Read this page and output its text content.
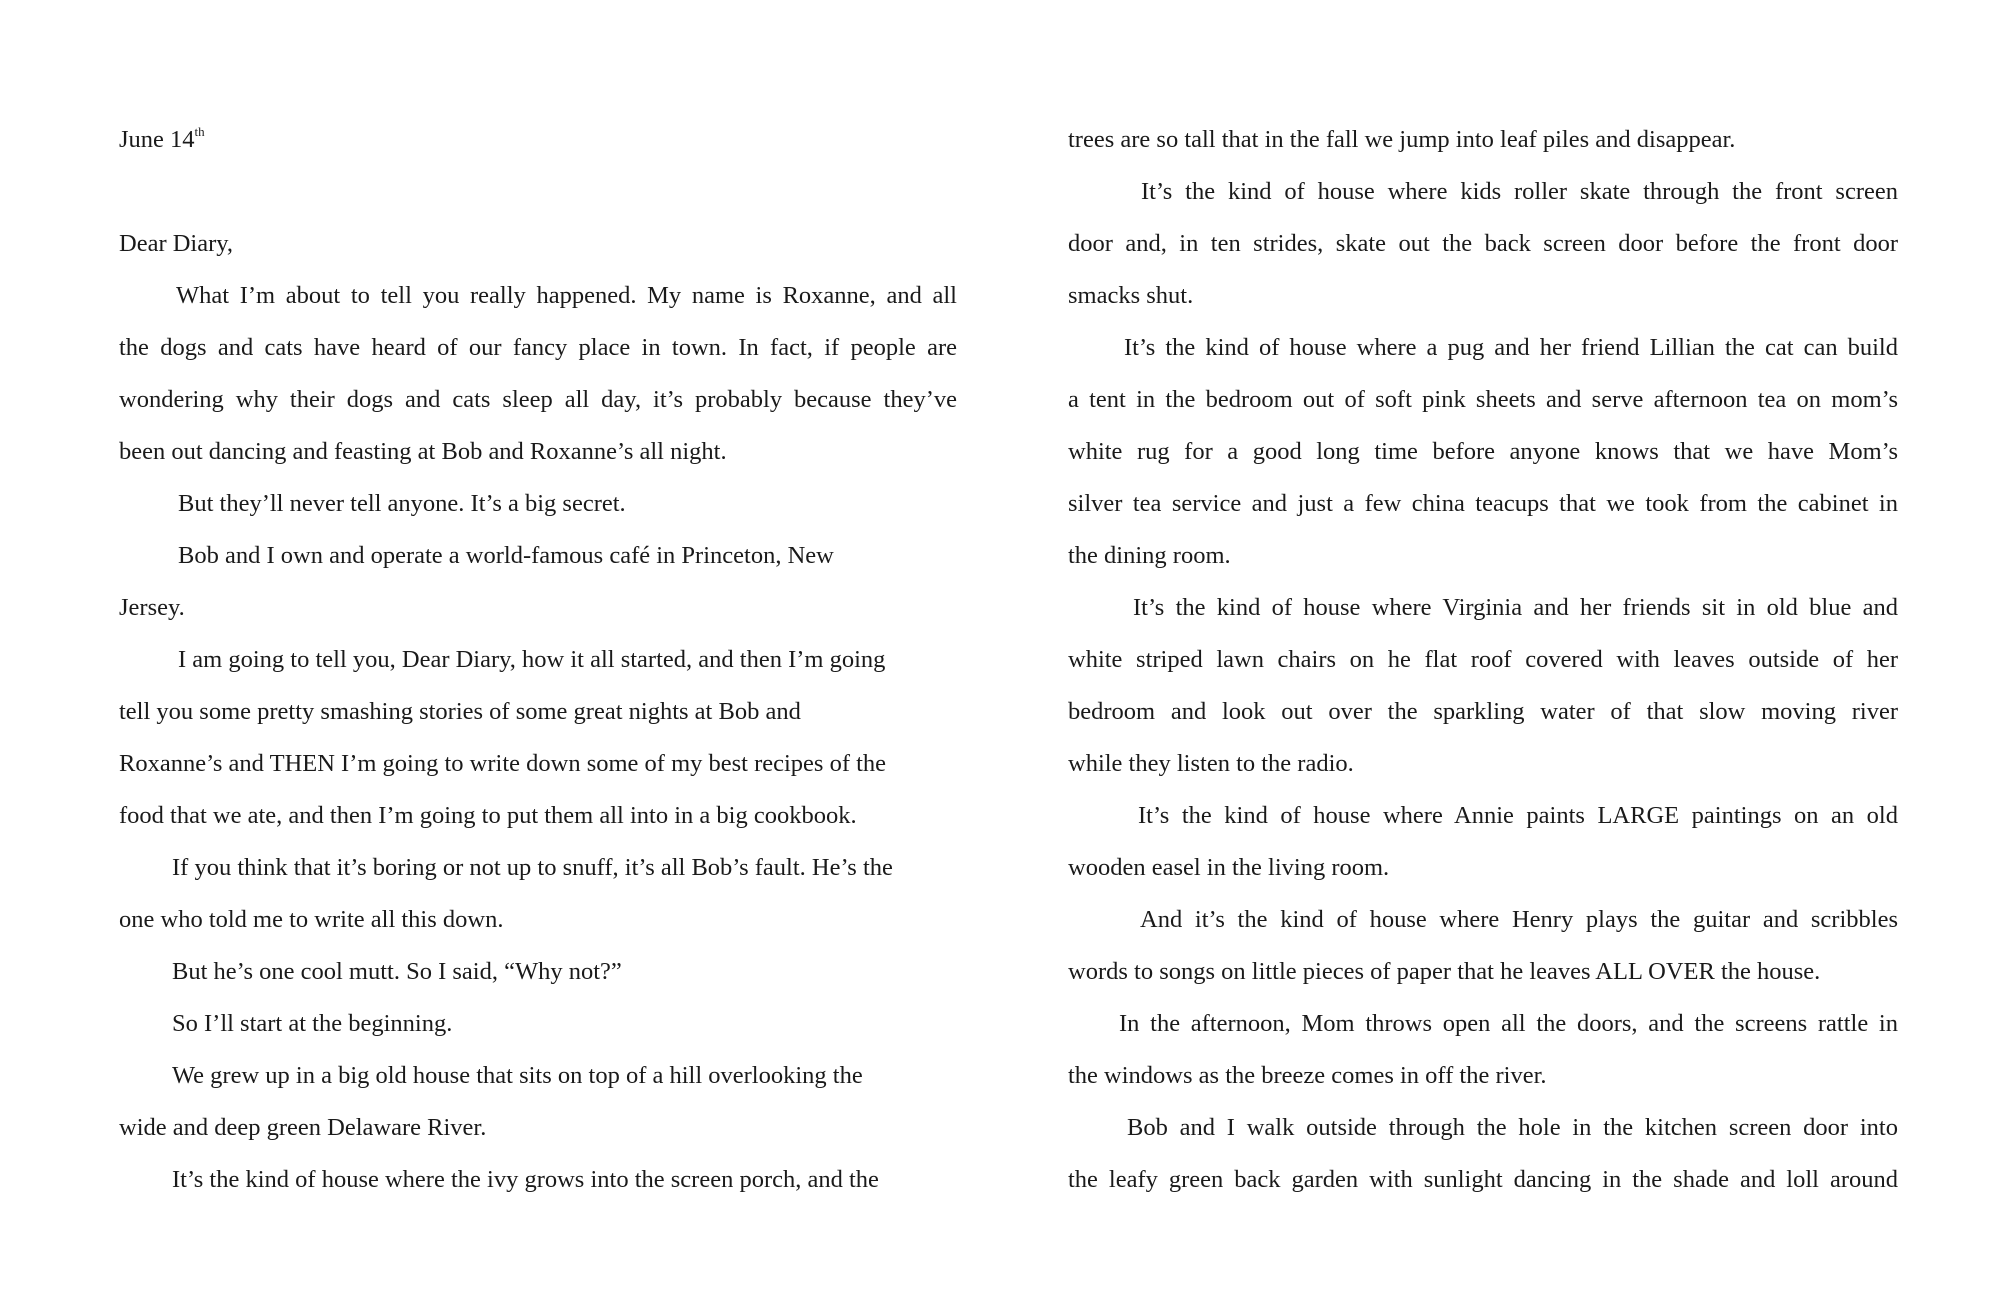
June 14th
Dear Diary,
What I’m about to tell you really happened. My name is Roxanne, and all
the dogs and cats have heard of our fancy place in town. In fact, if people are
wondering why their dogs and cats sleep all day, it’s probably because they’ve
been out dancing and feasting at Bob and Roxanne’s all night.
But they’ll never tell anyone. It’s a big secret.
Bob and I own and operate a world-famous café in Princeton, New
Jersey.
I am going to tell you, Dear Diary, how it all started, and then I’m going
tell you some pretty smashing stories of some great nights at Bob and
Roxanne’s and THEN I’m going to write down some of my best recipes of the
food that we ate, and then I’m going to put them all into in a big cookbook.
If you think that it’s boring or not up to snuff, it’s all Bob’s fault. He’s the
one who told me to write all this down.
But he’s one cool mutt. So I said, “Why not?”
So I’ll start at the beginning.
We grew up in a big old house that sits on top of a hill overlooking the
wide and deep green Delaware River.
It’s the kind of house where the ivy grows into the screen porch, and the
trees are so tall that in the fall we jump into leaf piles and disappear.
It’s the kind of house where kids roller skate through the front screen
door and, in ten strides, skate out the back screen door before the front door
smacks shut.
It’s the kind of house where a pug and her friend Lillian the cat can build
a tent in the bedroom out of soft pink sheets and serve afternoon tea on mom’s
white rug for a good long time before anyone knows that we have Mom’s
silver tea service and just a few china teacups that we took from the cabinet in
the dining room.
It’s the kind of house where Virginia and her friends sit in old blue and
white striped lawn chairs on he flat roof covered with leaves outside of her
bedroom and look out over the sparkling water of that slow moving river
while they listen to the radio.
It’s the kind of house where Annie paints LARGE paintings on an old
wooden easel in the living room.
And it’s the kind of house where Henry plays the guitar and scribbles
words to songs on little pieces of paper that he leaves ALL OVER the house.
In the afternoon, Mom throws open all the doors, and the screens rattle in
the windows as the breeze comes in off the river.
Bob and I walk outside through the hole in the kitchen screen door into
the leafy green back garden with sunlight dancing in the shade and loll around
